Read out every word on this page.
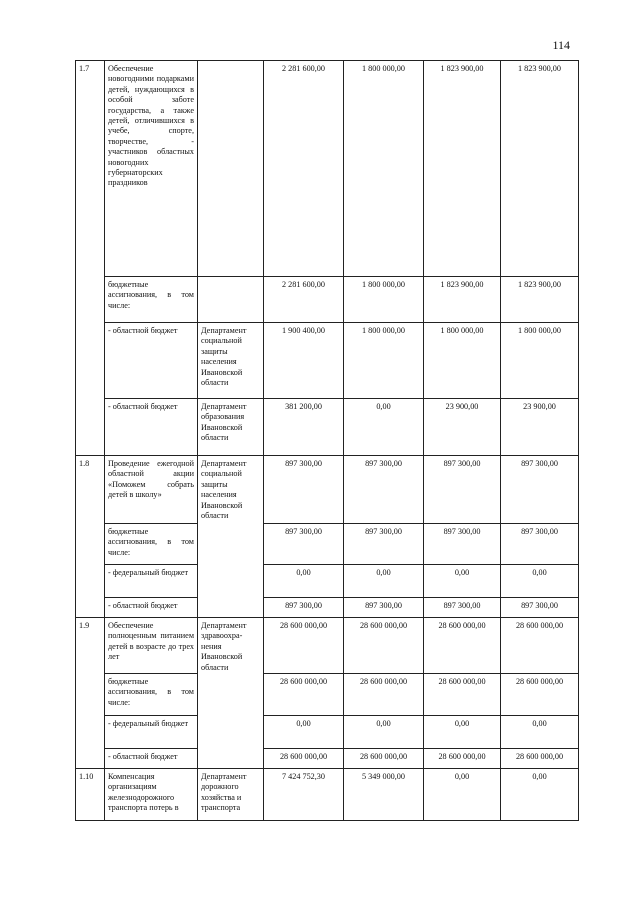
114
1.7	Обеспечение новогодними подарками детей, нуждающихся в особой заботе государства, а также детей, отличившихся в учебе, спорте, творчестве, - участников областных новогодних губернаторских праздников		2 281 600,00	1 800 000,00	1 823 900,00	1 823 900,00
	бюджетные ассигнования, в том числе:		2 281 600,00	1 800 000,00	1 823 900,00	1 823 900,00
	- областной бюджет	Департамент социальной защиты населения Ивановской области	1 900 400,00	1 800 000,00	1 800 000,00	1 800 000,00
	- областной бюджет	Департамент образования Ивановской области	381 200,00	0,00	23 900,00	23 900,00
1.8	Проведение ежегодной областной акции «Поможем собрать детей в школу»	Департамент социальной защиты населения Ивановской области	897 300,00	897 300,00	897 300,00	897 300,00
	бюджетные ассигнования, в том числе:		897 300,00	897 300,00	897 300,00	897 300,00
	- федеральный бюджет		0,00	0,00	0,00	0,00
	- областной бюджет		897 300,00	897 300,00	897 300,00	897 300,00
1.9	Обеспечение полноценным питанием детей в возрасте до трех лет	Департамент здравоохра-нения Ивановской области	28 600 000,00	28 600 000,00	28 600 000,00	28 600 000,00
	бюджетные ассигнования, в том числе:		28 600 000,00	28 600 000,00	28 600 000,00	28 600 000,00
	- федеральный бюджет		0,00	0,00	0,00	0,00
	- областной бюджет		28 600 000,00	28 600 000,00	28 600 000,00	28 600 000,00
1.10	Компенсация организациям железнодорожного транспорта потерь в	Департамент дорожного хозяйства и транспорта	7 424 752,30	5 349 000,00	0,00	0,00
